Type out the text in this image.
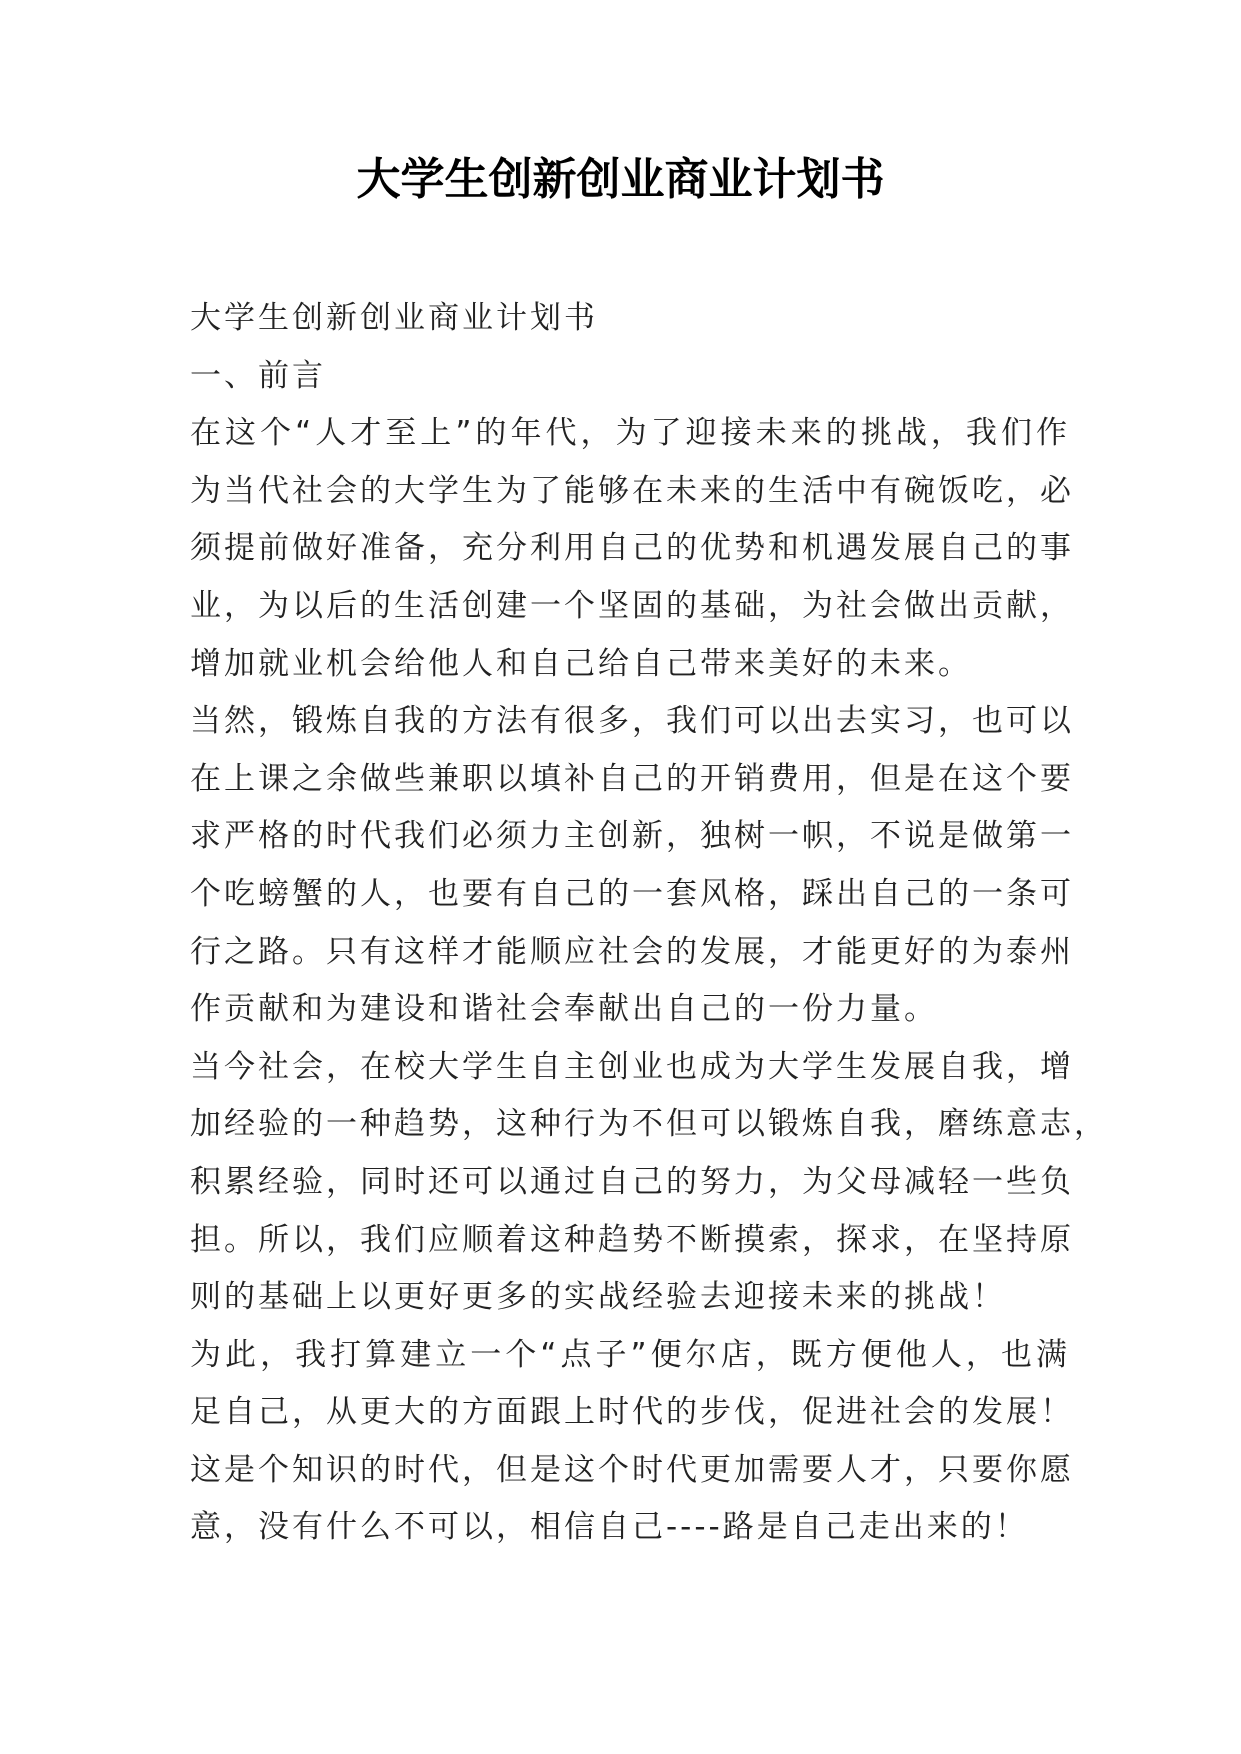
大学生创新创业商业计划书
大学生创新创业商业计划书
一、前言
在这个“人才至上”的年代，为了迎接未来的挑战，我们作
为当代社会的大学生为了能够在未来的生活中有碗饭吃，必
须提前做好准备，充分利用自己的优势和机遇发展自己的事
业，为以后的生活创建一个坚固的基础，为社会做出贡献，
增加就业机会给他人和自己给自己带来美好的未来。
当然，锻炼自我的方法有很多，我们可以出去实习，也可以
在上课之余做些兼职以填补自己的开销费用，但是在这个要
求严格的时代我们必须力主创新，独树一帜，不说是做第一
个吃螃蟹的人，也要有自己的一套风格，踩出自己的一条可
行之路。只有这样才能顺应社会的发展，才能更好的为泰州
作贡献和为建设和谐社会奉献出自己的一份力量。
当今社会，在校大学生自主创业也成为大学生发展自我，增
加经验的一种趋势，这种行为不但可以锻炼自我，磨练意志，
积累经验，同时还可以通过自己的努力，为父母减轻一些负
担。所以，我们应顺着这种趋势不断摸索，探求，在坚持原
则的基础上以更好更多的实战经验去迎接未来的挑战！
为此，我打算建立一个“点子”便尔店，既方便他人，也满
足自己，从更大的方面跟上时代的步伐，促进社会的发展！
这是个知识的时代，但是这个时代更加需要人才，只要你愿
意，没有什么不可以，相信自己----路是自己走出来的！
